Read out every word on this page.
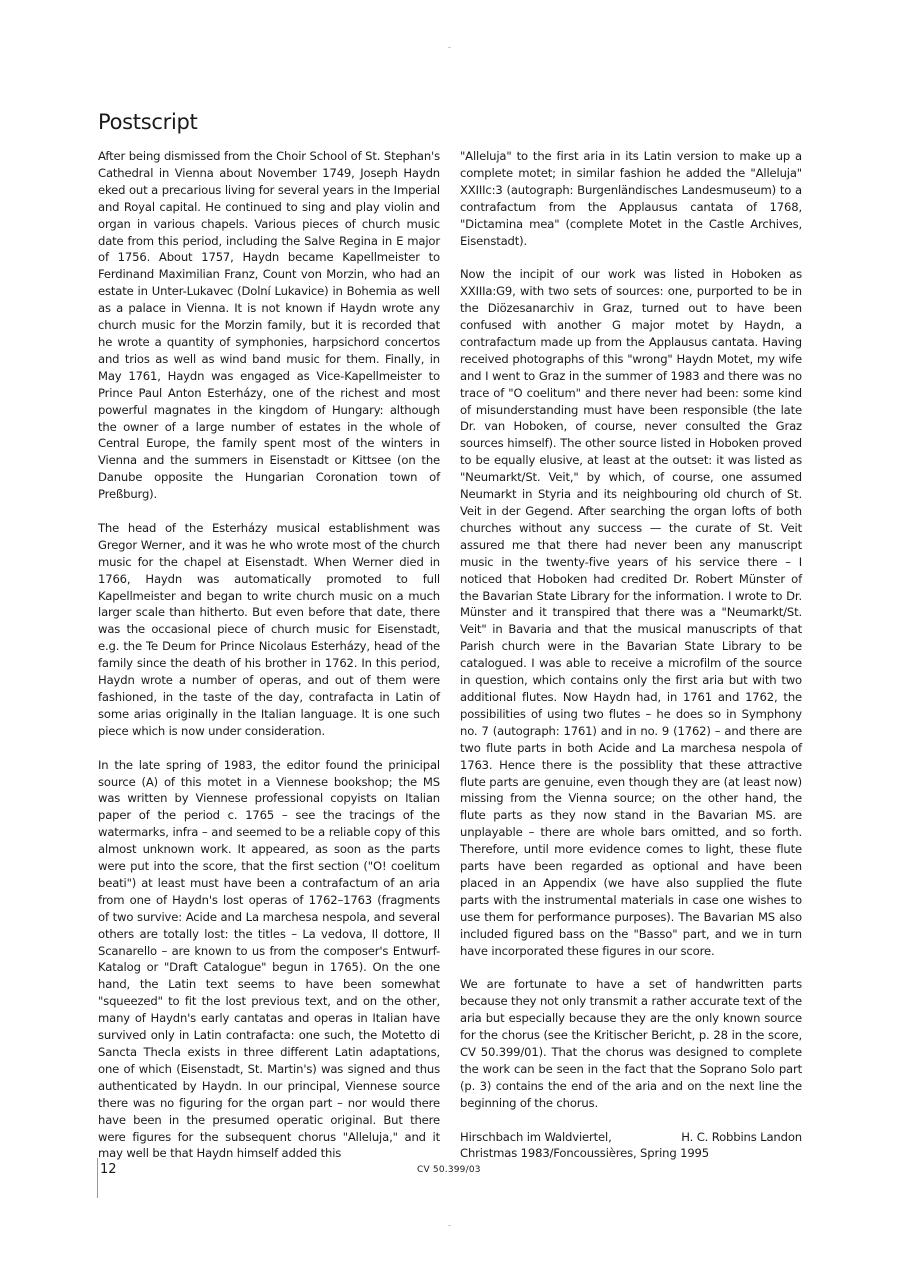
Postscript

After being dismissed from the Choir School of St. Stephan's Cathedral in Vienna about November 1749, Joseph Haydn eked out a precarious living for several years in the Imperial and Royal capital. He continued to sing and play violin and organ in various chapels. Various pieces of church music date from this period, including the Salve Regina in E major of 1756. About 1757, Haydn became Kapellmeister to Ferdinand Maximilian Franz, Count von Morzin, who had an estate in Unter-Lukavec (Dolní Lukavice) in Bohemia as well as a palace in Vienna. It is not known if Haydn wrote any church music for the Morzin family, but it is recorded that he wrote a quantity of symphonies, harpsichord concertos and trios as well as wind band music for them. Finally, in May 1761, Haydn was engaged as Vice-Kapellmeister to Prince Paul Anton Esterházy, one of the richest and most powerful magnates in the kingdom of Hungary: although the owner of a large number of estates in the whole of Central Europe, the family spent most of the winters in Vienna and the summers in Eisenstadt or Kittsee (on the Danube opposite the Hungarian Coronation town of Preßburg).

The head of the Esterházy musical establishment was Gregor Werner, and it was he who wrote most of the church music for the chapel at Eisenstadt. When Werner died in 1766, Haydn was automatically promoted to full Kapellmeister and began to write church music on a much larger scale than hitherto. But even before that date, there was the occasional piece of church music for Eisenstadt, e.g. the Te Deum for Prince Nicolaus Esterházy, head of the family since the death of his brother in 1762. In this period, Haydn wrote a number of operas, and out of them were fashioned, in the taste of the day, contrafacta in Latin of some arias originally in the Italian language. It is one such piece which is now under consideration.

In the late spring of 1983, the editor found the prinicipal source (A) of this motet in a Viennese bookshop; the MS was written by Viennese professional copyists on Italian paper of the period c. 1765 – see the tracings of the watermarks, infra – and seemed to be a reliable copy of this almost unknown work. It appeared, as soon as the parts were put into the score, that the first section ("O! coelitum beati") at least must have been a contrafactum of an aria from one of Haydn's lost operas of 1762–1763 (fragments of two survive: Acide and La marchesa nespola, and several others are totally lost: the titles – La vedova, Il dottore, Il Scanarello – are known to us from the composer's Entwurf-Katalog or "Draft Catalogue" begun in 1765). On the one hand, the Latin text seems to have been somewhat "squeezed" to fit the lost previous text, and on the other, many of Haydn's early cantatas and operas in Italian have survived only in Latin contrafacta: one such, the Motetto di Sancta Thecla exists in three different Latin adaptations, one of which (Eisenstadt, St. Martin's) was signed and thus authenticated by Haydn. In our principal, Viennese source there was no figuring for the organ part – nor would there have been in the presumed operatic original. But there were figures for the subsequent chorus "Alleluja," and it may well be that Haydn himself added this

"Alleluja" to the first aria in its Latin version to make up a complete motet; in similar fashion he added the "Alleluja" XXIIIc:3 (autograph: Burgenländisches Landesmuseum) to a contrafactum from the Applausus cantata of 1768, "Dictamina mea" (complete Motet in the Castle Archives, Eisenstadt).

Now the incipit of our work was listed in Hoboken as XXIIIa:G9, with two sets of sources: one, purported to be in the Diözesanarchiv in Graz, turned out to have been confused with another G major motet by Haydn, a contrafactum made up from the Applausus cantata. Having received photographs of this "wrong" Haydn Motet, my wife and I went to Graz in the summer of 1983 and there was no trace of "O coelitum" and there never had been: some kind of misunderstanding must have been responsible (the late Dr. van Hoboken, of course, never consulted the Graz sources himself). The other source listed in Hoboken proved to be equally elusive, at least at the outset: it was listed as "Neumarkt/St. Veit," by which, of course, one assumed Neumarkt in Styria and its neighbouring old church of St. Veit in der Gegend. After searching the organ lofts of both churches without any success — the curate of St. Veit assured me that there had never been any manuscript music in the twenty-five years of his service there – I noticed that Hoboken had credited Dr. Robert Münster of the Bavarian State Library for the information. I wrote to Dr. Münster and it transpired that there was a "Neumarkt/St. Veit" in Bavaria and that the musical manuscripts of that Parish church were in the Bavarian State Library to be catalogued. I was able to receive a microfilm of the source in question, which contains only the first aria but with two additional flutes. Now Haydn had, in 1761 and 1762, the possibilities of using two flutes – he does so in Symphony no. 7 (autograph: 1761) and in no. 9 (1762) – and there are two flute parts in both Acide and La marchesa nespola of 1763. Hence there is the possiblity that these attractive flute parts are genuine, even though they are (at least now) missing from the Vienna source; on the other hand, the flute parts as they now stand in the Bavarian MS. are unplayable – there are whole bars omitted, and so forth. Therefore, until more evidence comes to light, these flute parts have been regarded as optional and have been placed in an Appendix (we have also supplied the flute parts with the instrumental materials in case one wishes to use them for performance purposes). The Bavarian MS also included figured bass on the "Basso" part, and we in turn have incorporated these figures in our score.

We are fortunate to have a set of handwritten parts because they not only transmit a rather accurate text of the aria but especially because they are the only known source for the chorus (see the Kritischer Bericht, p. 28 in the score, CV 50.399/01). That the chorus was designed to complete the work can be seen in the fact that the Soprano Solo part (p. 3) contains the end of the aria and on the next line the beginning of the chorus.

Hirschbach im Waldviertel,	H. C. Robbins Landon
Christmas 1983/Foncoussières, Spring 1995
12	CV 50.399/03
